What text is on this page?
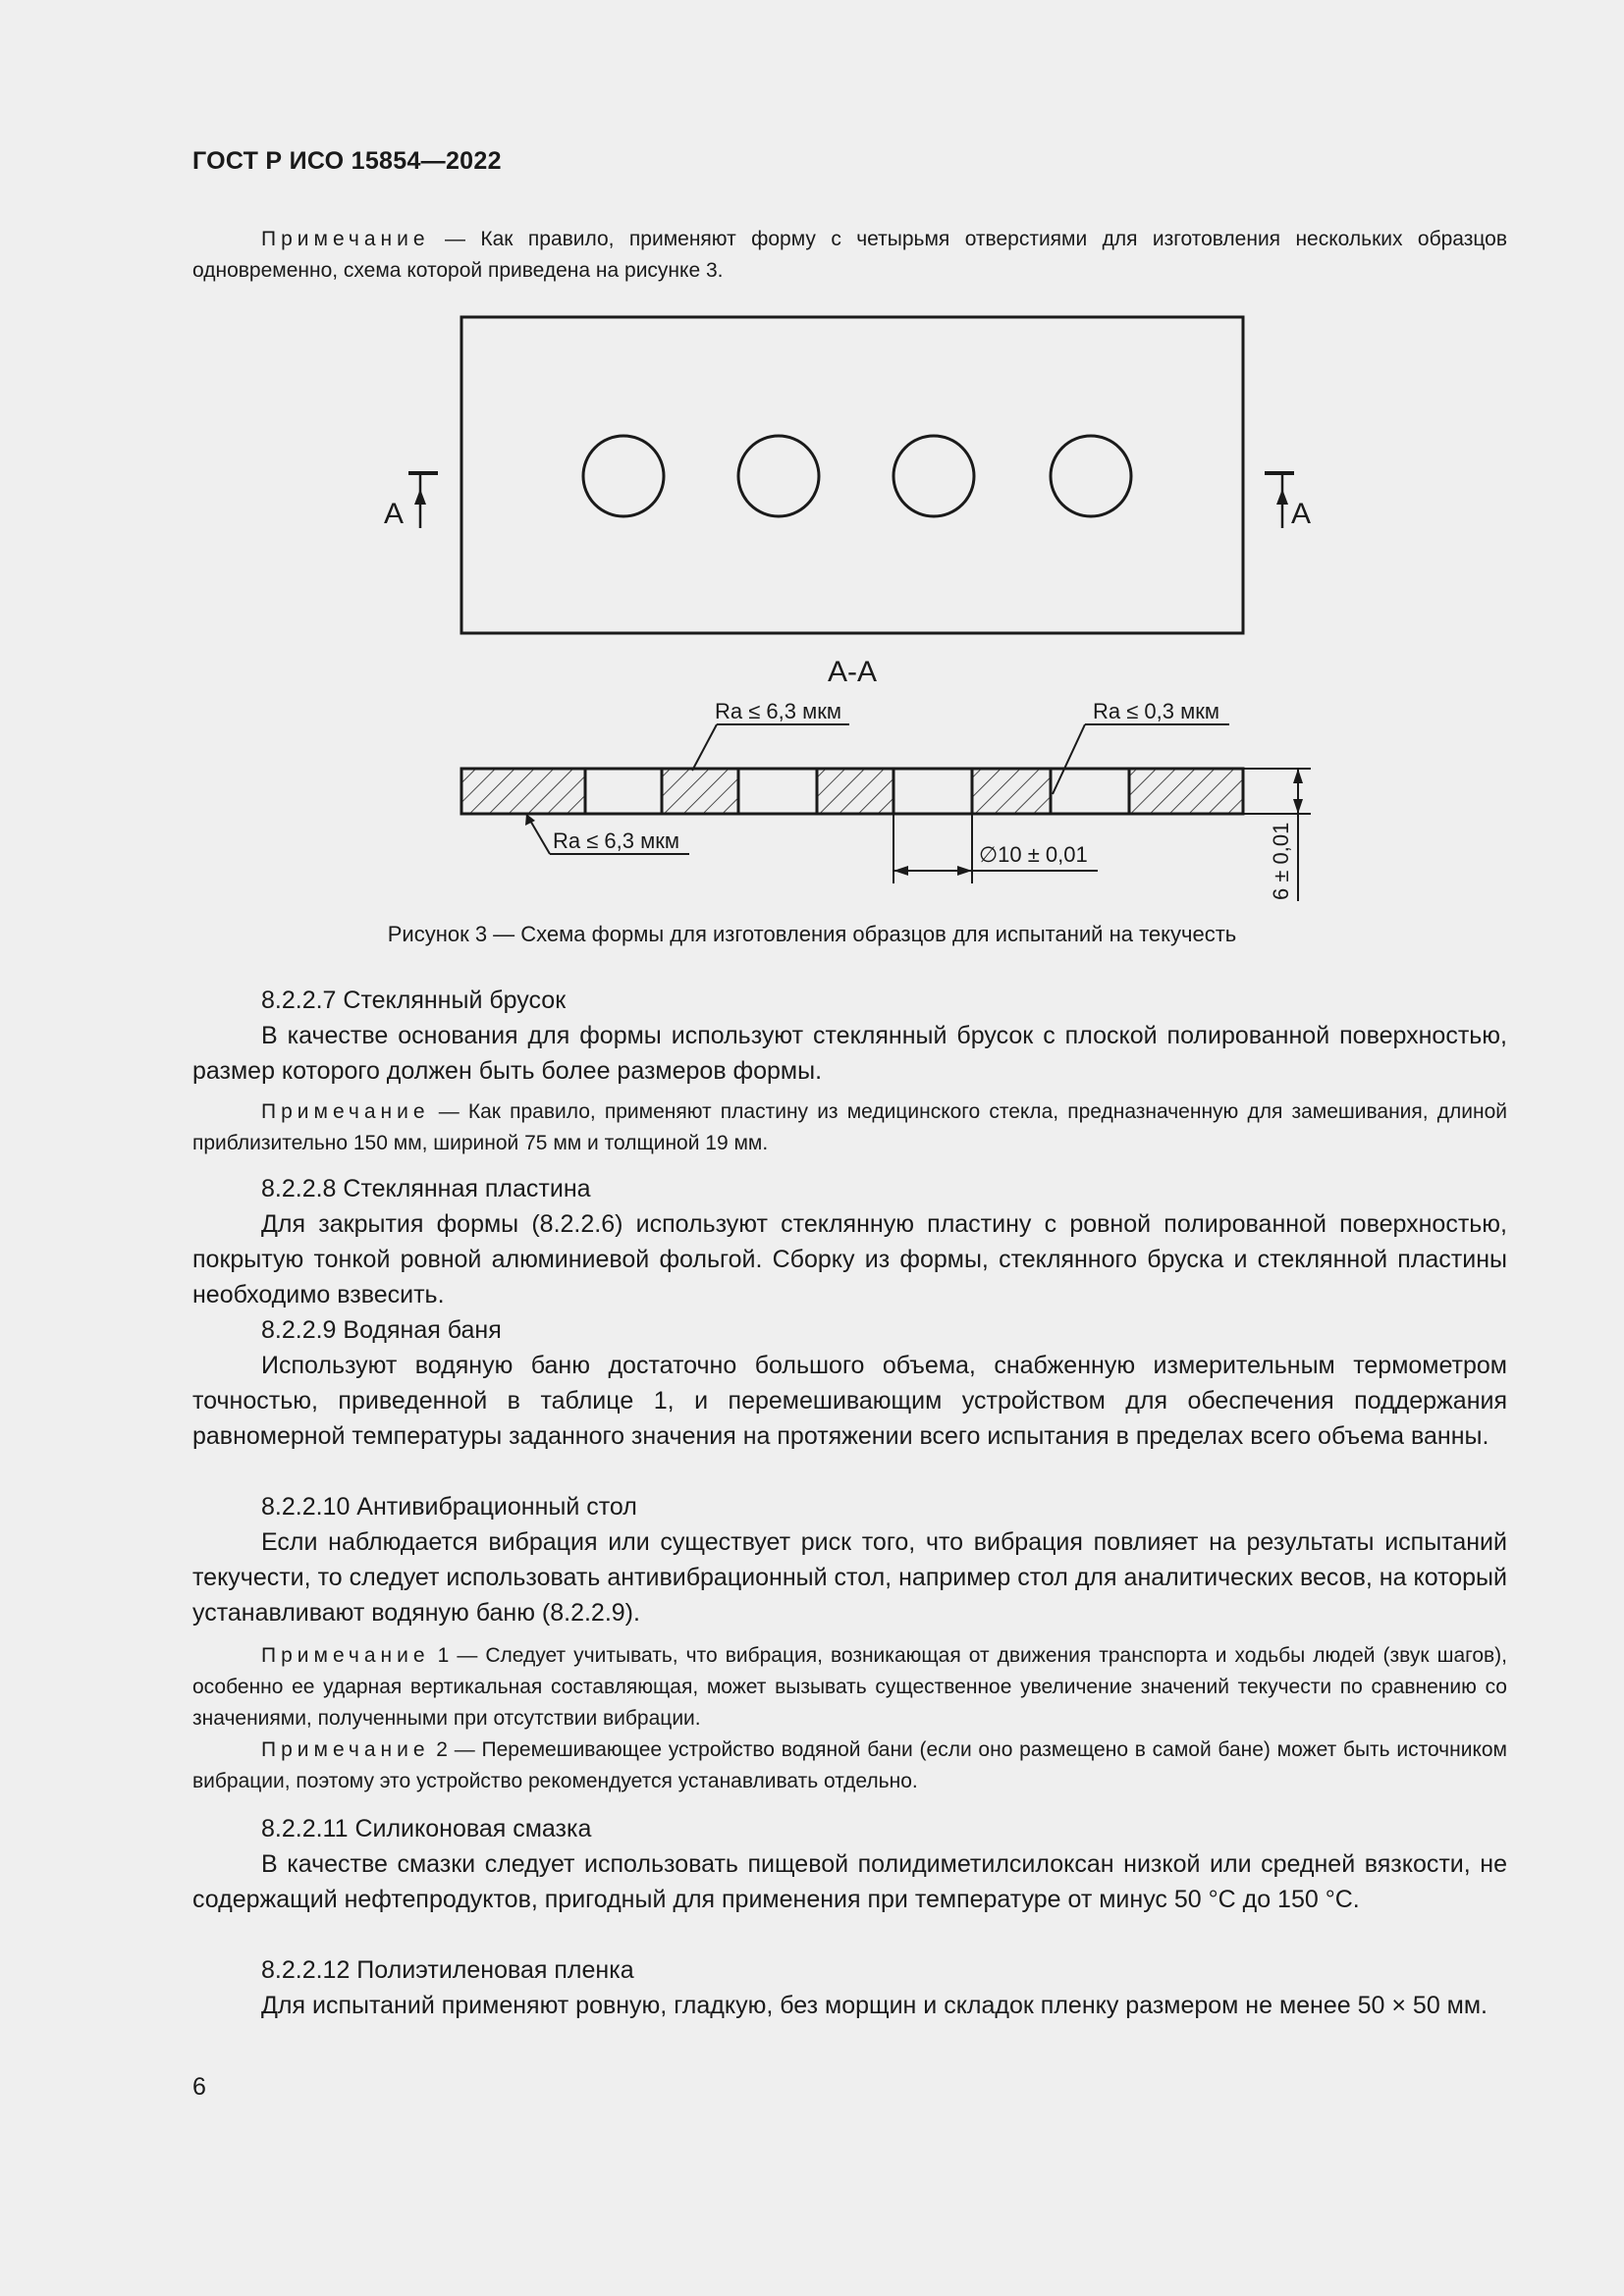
ГОСТ Р ИСО 15854—2022

Примечание — Как правило, применяют форму с четырьмя отверстиями для изготовления нескольких образцов одновременно, схема которой приведена на рисунке 3.

А	А
А-А
Ra ≤ 6,3 мкм	Ra ≤ 0,3 мкм
Ra ≤ 6,3 мкм
∅10 ± 0,01	6 ± 0,01
Рисунок 3 — Схема формы для изготовления образцов для испытаний на текучесть

8.2.2.7 Стеклянный брусок

В качестве основания для формы используют стеклянный брусок с плоской полированной поверхностью, размер которого должен быть более размеров формы.

Примечание — Как правило, применяют пластину из медицинского стекла, предназначенную для замешивания, длиной приблизительно 150 мм, шириной 75 мм и толщиной 19 мм.

8.2.2.8 Стеклянная пластина

Для закрытия формы (8.2.2.6) используют стеклянную пластину с ровной полированной поверхностью, покрытую тонкой ровной алюминиевой фольгой. Сборку из формы, стеклянного бруска и стеклянной пластины необходимо взвесить.

8.2.2.9 Водяная баня

Используют водяную баню достаточно большого объема, снабженную измерительным термометром точностью, приведенной в таблице 1, и перемешивающим устройством для обеспечения поддержания равномерной температуры заданного значения на протяжении всего испытания в пределах всего объема ванны.

8.2.2.10 Антивибрационный стол

Если наблюдается вибрация или существует риск того, что вибрация повлияет на результаты испытаний текучести, то следует использовать антивибрационный стол, например стол для аналитических весов, на который устанавливают водяную баню (8.2.2.9).

Примечание 1 — Следует учитывать, что вибрация, возникающая от движения транспорта и ходьбы людей (звук шагов), особенно ее ударная вертикальная составляющая, может вызывать существенное увеличение значений текучести по сравнению со значениями, полученными при отсутствии вибрации.

Примечание 2 — Перемешивающее устройство водяной бани (если оно размещено в самой бане) может быть источником вибрации, поэтому это устройство рекомендуется устанавливать отдельно.

8.2.2.11 Силиконовая смазка

В качестве смазки следует использовать пищевой полидиметилсилоксан низкой или средней вязкости, не содержащий нефтепродуктов, пригодный для применения при температуре от минус 50 °С до 150 °С.

8.2.2.12 Полиэтиленовая пленка

Для испытаний применяют ровную, гладкую, без морщин и складок пленку размером не менее 50 × 50 мм.

6
